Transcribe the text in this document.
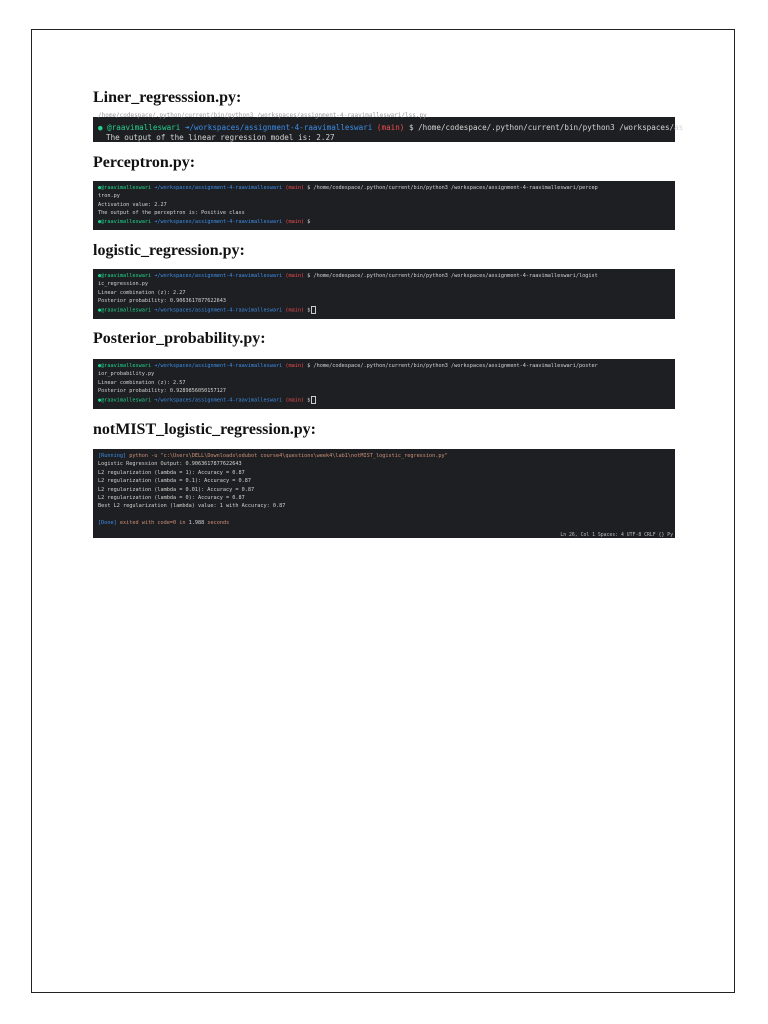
Liner_regresssion.py:
/home/codespace/.python/current/bin/python3 /workspaces/assignment-4-raavimalleswari/lss.py
● @raavimalleswari ➜/workspaces/assignment-4-raavimalleswari (main) $ /home/codespace/.python/current/bin/python3 /workspaces/as
The output of the linear regression model is: 2.27
Perceptron.py:
●@raavimalleswari ➜/workspaces/assignment-4-raavimalleswari (main) $ /home/codespace/.python/current/bin/python3 /workspaces/assignment-4-raavimalleswari/percep
tron.py
Activation value: 2.27
The output of the perceptron is: Positive class
●@raavimalleswari ➜/workspaces/assignment-4-raavimalleswari (main) $
logistic_regression.py:
●@raavimalleswari ➜/workspaces/assignment-4-raavimalleswari (main) $ /home/codespace/.python/current/bin/python3 /workspaces/assignment-4-raavimalleswari/logist
ic_regression.py
Linear combination (z): 2.27
Posterior probability: 0.9063617877622643
●@raavimalleswari ➜/workspaces/assignment-4-raavimalleswari (main) $
Posterior_probability.py:
●@raavimalleswari ➜/workspaces/assignment-4-raavimalleswari (main) $ /home/codespace/.python/current/bin/python3 /workspaces/assignment-4-raavimalleswari/poster
ior_probability.py
Linear combination (z): 2.57
Posterior probability: 0.9289856050157127
●@raavimalleswari ➜/workspaces/assignment-4-raavimalleswari (main) $
notMIST_logistic_regression.py:
[Running] python -u "c:\Users\DELL\Downloads\odubot course4\questions\week4\lab1\notMIST_logistic_regression.py"
Logistic Regression Output: 0.9063617877622643
L2 regularization (lambda = 1): Accuracy = 0.87
L2 regularization (lambda = 0.1): Accuracy = 0.87
L2 regularization (lambda = 0.01): Accuracy = 0.87
L2 regularization (lambda = 0): Accuracy = 0.87
Best L2 regularization (lambda) value: 1 with Accuracy: 0.87

[Done] exited with code=0 in 1.988 seconds
Ln 26, Col 1 Spaces: 4 UTF-8 CRLF {} Py
